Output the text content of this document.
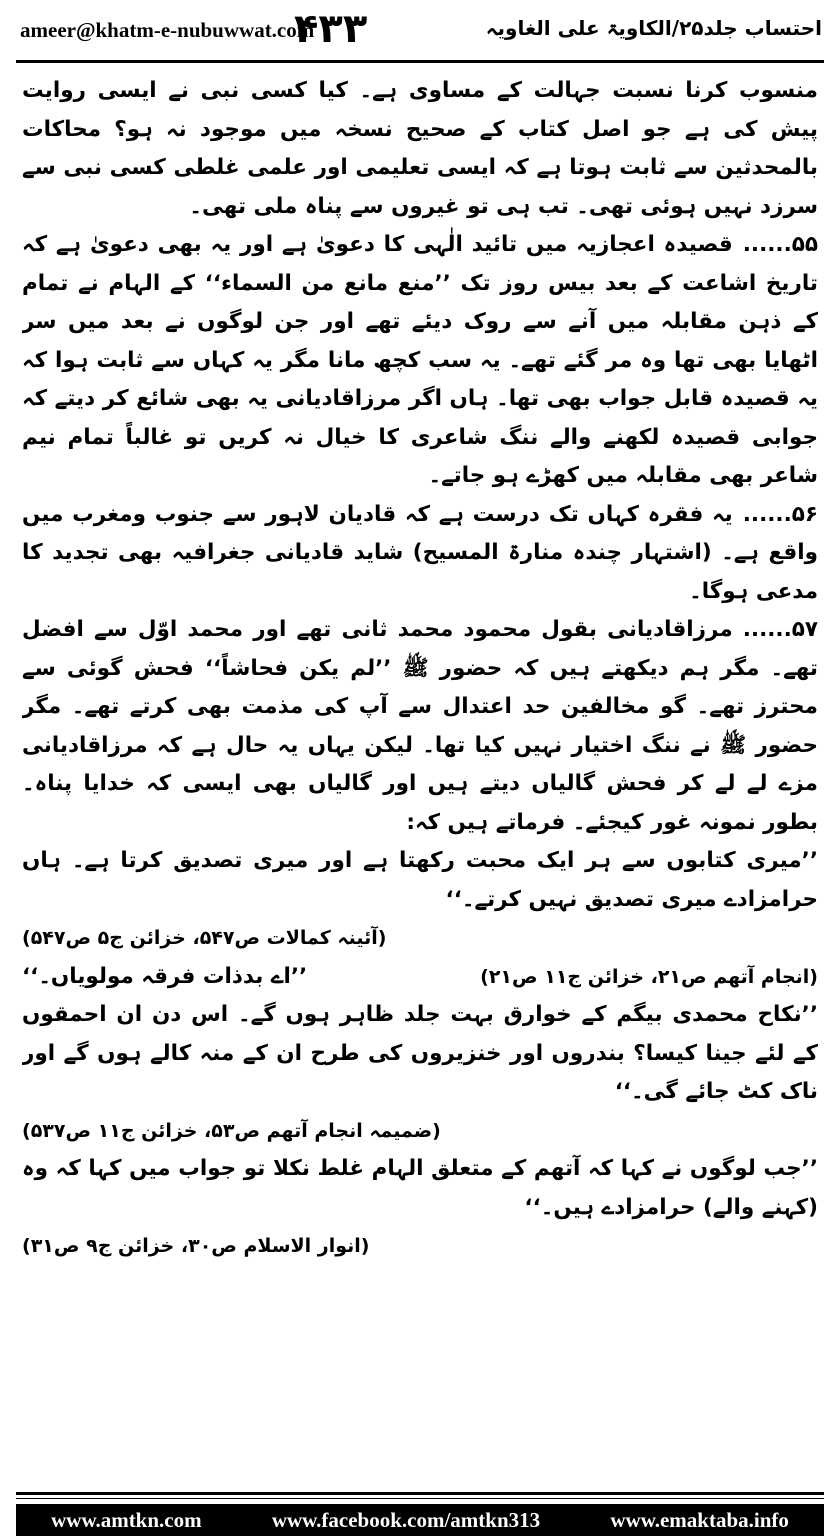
ameer@khatm-e-nubuwwat.com
۴۳۳	احتساب جلد۲۵/الکاویۃ علی الغاویہ

منسوب کرنا نسبت جہالت کے مساوی ہے۔ کیا کسی نبی نے ایسی روایت پیش کی ہے جو اصل کتاب کے صحیح نسخہ میں موجود نہ ہو؟ محاکات بالمحدثین سے ثابت ہوتا ہے کہ ایسی تعلیمی اور علمی غلطی کسی نبی سے سرزد نہیں ہوئی تھی۔ تب ہی تو غیروں سے پناہ ملی تھی۔

۵۵......قصیدہ اعجازیہ میں تائید الٰہی کا دعویٰ ہے اور یہ بھی دعویٰ ہے کہ تاریخ اشاعت کے بعد بیس روز تک ’’منع مانع من السماء‘‘ کے الہام نے تمام کے ذہن مقابلہ میں آنے سے روک دیئے تھے اور جن لوگوں نے بعد میں سر اٹھایا بھی تھا وہ مر گئے تھے۔ یہ سب کچھ مانا مگر یہ کہاں سے ثابت ہوا کہ یہ قصیدہ قابل جواب بھی تھا۔ ہاں اگر مرزاقادیانی یہ بھی شائع کر دیتے کہ جوابی قصیدہ لکھنے والے ننگ شاعری کا خیال نہ کریں تو غالباً تمام نیم شاعر بھی مقابلہ میں کھڑے ہو جاتے۔

۵۶......یہ فقرہ کہاں تک درست ہے کہ قادیان لاہور سے جنوب ومغرب میں واقع ہے۔ (اشتہار چندہ منارۃ المسیح) شاید قادیانی جغرافیہ بھی تجدید کا مدعی ہوگا۔

۵۷......مرزاقادیانی بقول محمود محمد ثانی تھے اور محمد اوّل سے افضل تھے۔ مگر ہم دیکھتے ہیں کہ حضور ﷺ ’’لم یکن فحاشاً‘‘ فحش گوئی سے محترز تھے۔ گو مخالفین حد اعتدال سے آپ کی مذمت بھی کرتے تھے۔ مگر حضور ﷺ نے ننگ اختیار نہیں کیا تھا۔ لیکن یہاں یہ حال ہے کہ مرزاقادیانی مزے لے لے کر فحش گالیاں دیتے ہیں اور گالیاں بھی ایسی کہ خدایا پناہ۔ بطور نمونہ غور کیجئے۔ فرماتے ہیں کہ:

’’میری کتابوں سے ہر ایک محبت رکھتا ہے اور میری تصدیق کرتا ہے۔ ہاں حرامزادے میری تصدیق نہیں کرتے۔‘‘
(آئینہ کمالات ص۵۴۷، خزائن ج۵ ص۵۴۷)
’’اے بدذات فرقہ مولویاں۔‘‘	(انجام آتھم ص۲۱، خزائن ج۱۱ ص۲۱)
’’نکاح محمدی بیگم کے خوارق بہت جلد ظاہر ہوں گے۔ اس دن ان احمقوں کے لئے جینا کیسا؟ بندروں اور خنزیروں کی طرح ان کے منہ کالے ہوں گے اور ناک کٹ جائے گی۔‘‘
(ضمیمہ انجام آتھم ص۵۳، خزائن ج۱۱ ص۵۳۷)
’’جب لوگوں نے کہا کہ آتھم کے متعلق الہام غلط نکلا تو جواب میں کہا کہ وہ (کہنے والے) حرامزادے ہیں۔‘‘
(انوار الاسلام ص۳۰، خزائن ج۹ ص۳۱)
www.amtkn.com	www.facebook.com/amtkn313	www.emaktaba.info
